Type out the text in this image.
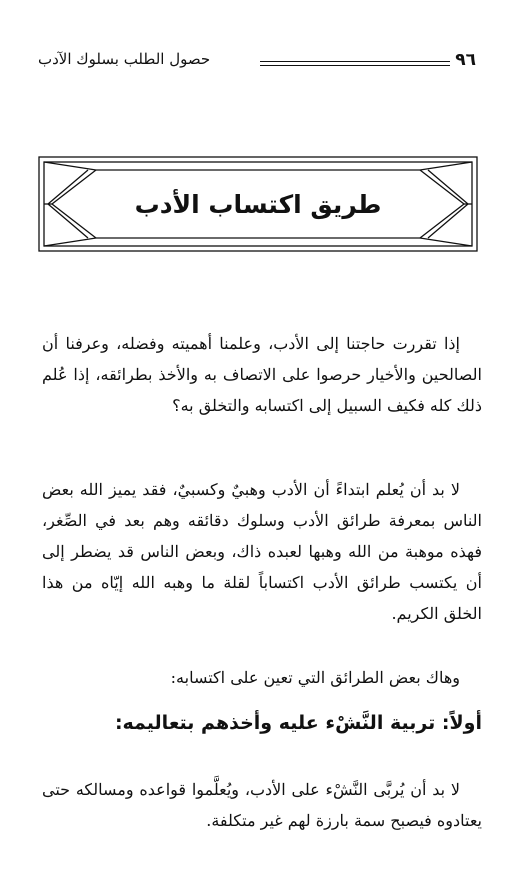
٩٦
حصول الطلب بسلوك الآدب
طريق اكتساب الأدب

إذا تقررت حاجتنا إلى الأدب، وعلمنا أهميته وفضله، وعرفنا أن الصالحين والأخيار حرصوا على الاتصاف به والأخذ بطرائقه، إذا عُلم ذلك كله فكيف السبيل إلى اكتسابه والتخلق به؟

لا بد أن يُعلم ابتداءً أن الأدب وهبيٌ وكسبيٌ، فقد يميز الله بعض الناس بمعرفة طرائق الأدب وسلوك دقائقه وهم بعد في الصِّغر، فهذه موهبة من الله وهبها لعبده ذاك، وبعض الناس قد يضطر إلى أن يكتسب طرائق الأدب اكتساباً لقلة ما وهبه الله إيّاه من هذا الخلق الكريم.

وهاك بعض الطرائق التي تعين على اكتسابه:

أولاً: تربية النَّشْء عليه وأخذهم بتعاليمه:

لا بد أن يُربَّى النَّشْء على الأدب، ويُعلَّموا قواعده ومسالكه حتى يعتادوه فيصبح سمة بارزة لهم غير متكلفة.
